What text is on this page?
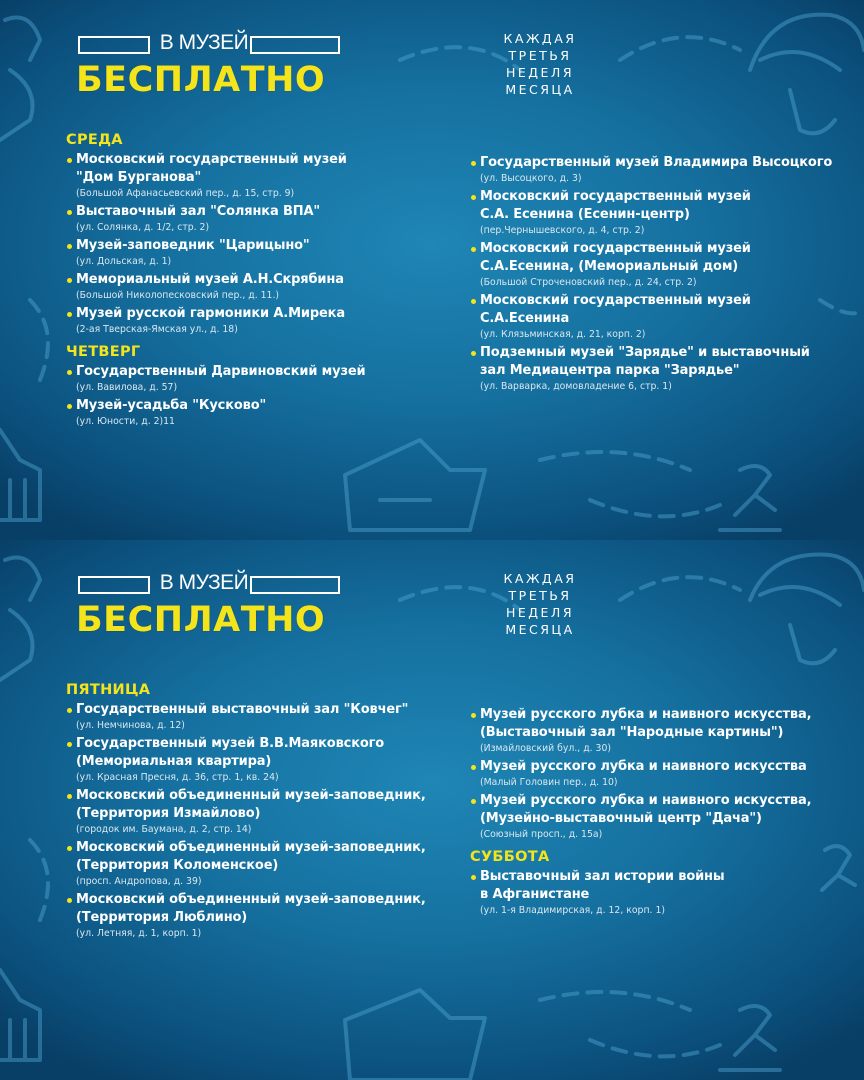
В МУЗЕЙ
БЕСПЛАТНО
КАЖДАЯ
ТРЕТЬЯ
НЕДЕЛЯ
МЕСЯЦА
СРЕДА
Московский государственный музей
"Дом Бурганова"
(Большой Афанасьевский пер., д. 15, стр. 9)
Выставочный зал "Солянка ВПА"
(ул. Солянка, д. 1/2, стр. 2)
Музей-заповедник "Царицыно"
(ул. Дольская, д. 1)
Мемориальный музей А.Н.Скрябина
(Большой Николопесковский пер., д. 11.)
Музей русской гармоники А.Мирека
(2-ая Тверская-Ямская ул., д. 18)
ЧЕТВЕРГ
Государственный Дарвиновский музей
(ул. Вавилова, д. 57)
Музей-усадьба "Кусково"
(ул. Юности, д. 2)11
Государственный музей Владимира Высоцкого
(ул. Высоцкого, д. 3)
Московский государственный музей
С.А. Есенина (Есенин-центр)
(пер.Чернышевского, д. 4, стр. 2)
Московский государственный музей
С.А.Есенина, (Мемориальный дом)
(Большой Строченовский пер., д. 24, стр. 2)
Московский государственный музей
С.А.Есенина
(ул. Клязьминская, д. 21, корп. 2)
Подземный музей "Зарядье" и выставочный
зал Медиацентра парка "Зарядье"
(ул. Варварка, домовладение 6, стр. 1)
В МУЗЕЙ
БЕСПЛАТНО
КАЖДАЯ
ТРЕТЬЯ
НЕДЕЛЯ
МЕСЯЦА
ПЯТНИЦА
Государственный выставочный зал "Ковчег"
(ул. Немчинова, д. 12)
Государственный музей В.В.Маяковского
(Мемориальная квартира)
(ул. Красная Пресня, д. 36, стр. 1, кв. 24)
Московский объединенный музей-заповедник,
(Территория Измайлово)
(городок им. Баумана, д. 2, стр. 14)
Московский объединенный музей-заповедник,
(Территория Коломенское)
(просп. Андропова, д. 39)
Московский объединенный музей-заповедник,
(Территория Люблино)
(ул. Летняя, д. 1, корп. 1)
Музей русского лубка и наивного искусства,
(Выставочный зал "Народные картины")
(Измайловский бул., д. 30)
Музей русского лубка и наивного искусства
(Малый Головин пер., д. 10)
Музей русского лубка и наивного искусства,
(Музейно-выставочный центр "Дача")
(Союзный просп., д. 15а)
СУББОТА
Выставочный зал истории войны
в Афганистане
(ул. 1-я Владимирская, д. 12, корп. 1)
